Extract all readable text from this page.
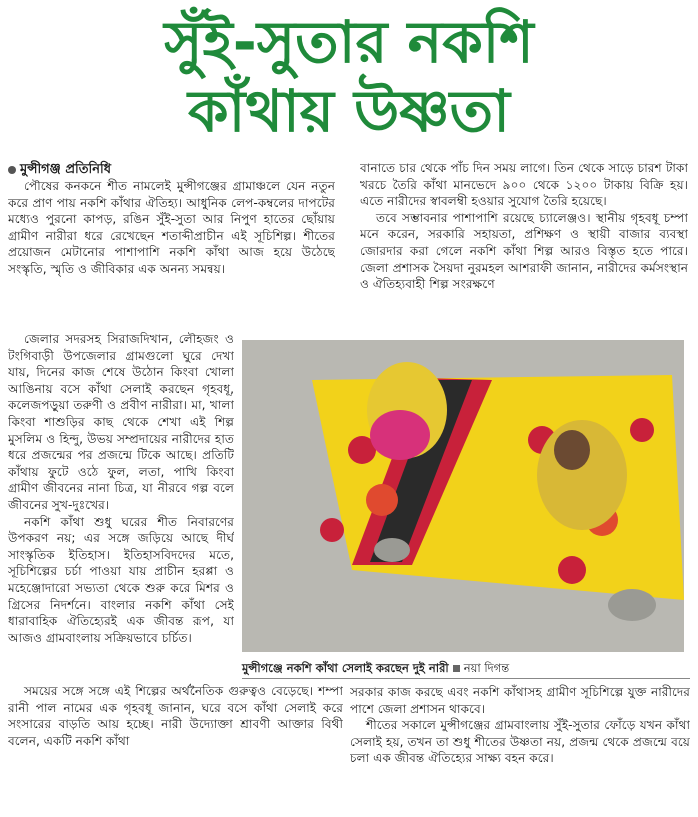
সুঁই-সুতার নকশি
কাঁথায় উষ্ণতা
মুন্সীগঞ্জ প্রতিনিধি

পৌষের কনকনে শীত নামলেই মুন্সীগঞ্জের গ্রামাঞ্চলে যেন নতুন করে প্রাণ পায় নকশি কাঁথার ঐতিহ্য। আধুনিক লেপ-কম্বলের দাপটের মধ্যেও পুরনো কাপড়, রঙিন সুঁই-সুতা আর নিপুণ হাতের ছোঁয়ায় গ্রামীণ নারীরা ধরে রেখেছেন শতাব্দীপ্রাচীন এই সূচিশিল্প। শীতের প্রয়োজন মেটানোর পাশাপাশি নকশি কাঁথা আজ হয়ে উঠেছে সংস্কৃতি, স্মৃতি ও জীবিকার এক অনন্য সমন্বয়।

জেলার সদরসহ সিরাজদিখান, লৌহজং ও টংগিবাড়ী উপজেলার গ্রামগুলো ঘুরে দেখা যায়, দিনের কাজ শেষে উঠোন কিংবা খোলা আঙিনায় বসে কাঁথা সেলাই করছেন গৃহবধূ, কলেজপড়ুয়া তরুণী ও প্রবীণ নারীরা। মা, খালা কিংবা শাশুড়ির কাছ থেকে শেখা এই শিল্প মুসলিম ও হিন্দু, উভয় সম্প্রদায়ের নারীদের হাত ধরে প্রজন্মের পর প্রজন্মে টিকে আছে। প্রতিটি কাঁথায় ফুটে ওঠে ফুল, লতা, পাখি কিংবা গ্রামীণ জীবনের নানা চিত্র, যা নীরবে গল্প বলে জীবনের সুখ-দুঃখের।

নকশি কাঁথা শুধু ঘরের শীত নিবারণের উপকরণ নয়; এর সঙ্গে জড়িয়ে আছে দীর্ঘ সাংস্কৃতিক ইতিহাস। ইতিহাসবিদদের মতে, সূচিশিল্পের চর্চা পাওয়া যায় প্রাচীন হরপ্পা ও মহেঞ্জোদারো সভ্যতা থেকে শুরু করে মিশর ও গ্রিসের নিদর্শনে। বাংলার নকশি কাঁথা সেই ধারাবাহিক ঐতিহ্যেরই এক জীবন্ত রূপ, যা আজও গ্রামবাংলায় সক্রিয়ভাবে চর্চিত।

সময়ের সঙ্গে সঙ্গে এই শিল্পের অর্থনৈতিক গুরুত্বও বেড়েছে। শম্পা রানী পাল নামের এক গৃহবধূ জানান, ঘরে বসে কাঁথা সেলাই করে সংসারের বাড়তি আয় হচ্ছে। নারী উদ্যোক্তা শ্রাবণী আক্তার বিথী বলেন, একটি নকশি কাঁথা

বানাতে চার থেকে পাঁচ দিন সময় লাগে। তিন থেকে সাড়ে চারশ টাকা খরচে তৈরি কাঁথা মানভেদে ৯০০ থেকে ১২০০ টাকায় বিক্রি হয়। এতে নারীদের স্বাবলম্বী হওয়ার সুযোগ তৈরি হয়েছে।

তবে সম্ভাবনার পাশাপাশি রয়েছে চ্যালেঞ্জও। স্থানীয় গৃহবধূ চম্পা মনে করেন, সরকারি সহায়তা, প্রশিক্ষণ ও স্থায়ী বাজার ব্যবস্থা জোরদার করা গেলে নকশি কাঁথা শিল্প আরও বিস্তৃত হতে পারে। জেলা প্রশাসক সৈয়দা নুরমহল আশরাফী জানান, নারীদের কর্মসংস্থান ও ঐতিহ্যবাহী শিল্প সংরক্ষণে

মুন্সীগঞ্জে নকশি কাঁথা সেলাই করছেন দুই নারী নয়া দিগন্ত

সরকার কাজ করছে এবং নকশি কাঁথাসহ গ্রামীণ সূচিশিল্পে যুক্ত নারীদের পাশে জেলা প্রশাসন থাকবে।

শীতের সকালে মুন্সীগঞ্জের গ্রামবাংলায় সুঁই-সুতার ফোঁড়ে যখন কাঁথা সেলাই হয়, তখন তা শুধু শীতের উষ্ণতা নয়, প্রজন্ম থেকে প্রজন্মে বয়ে চলা এক জীবন্ত ঐতিহ্যের সাক্ষ্য বহন করে।
